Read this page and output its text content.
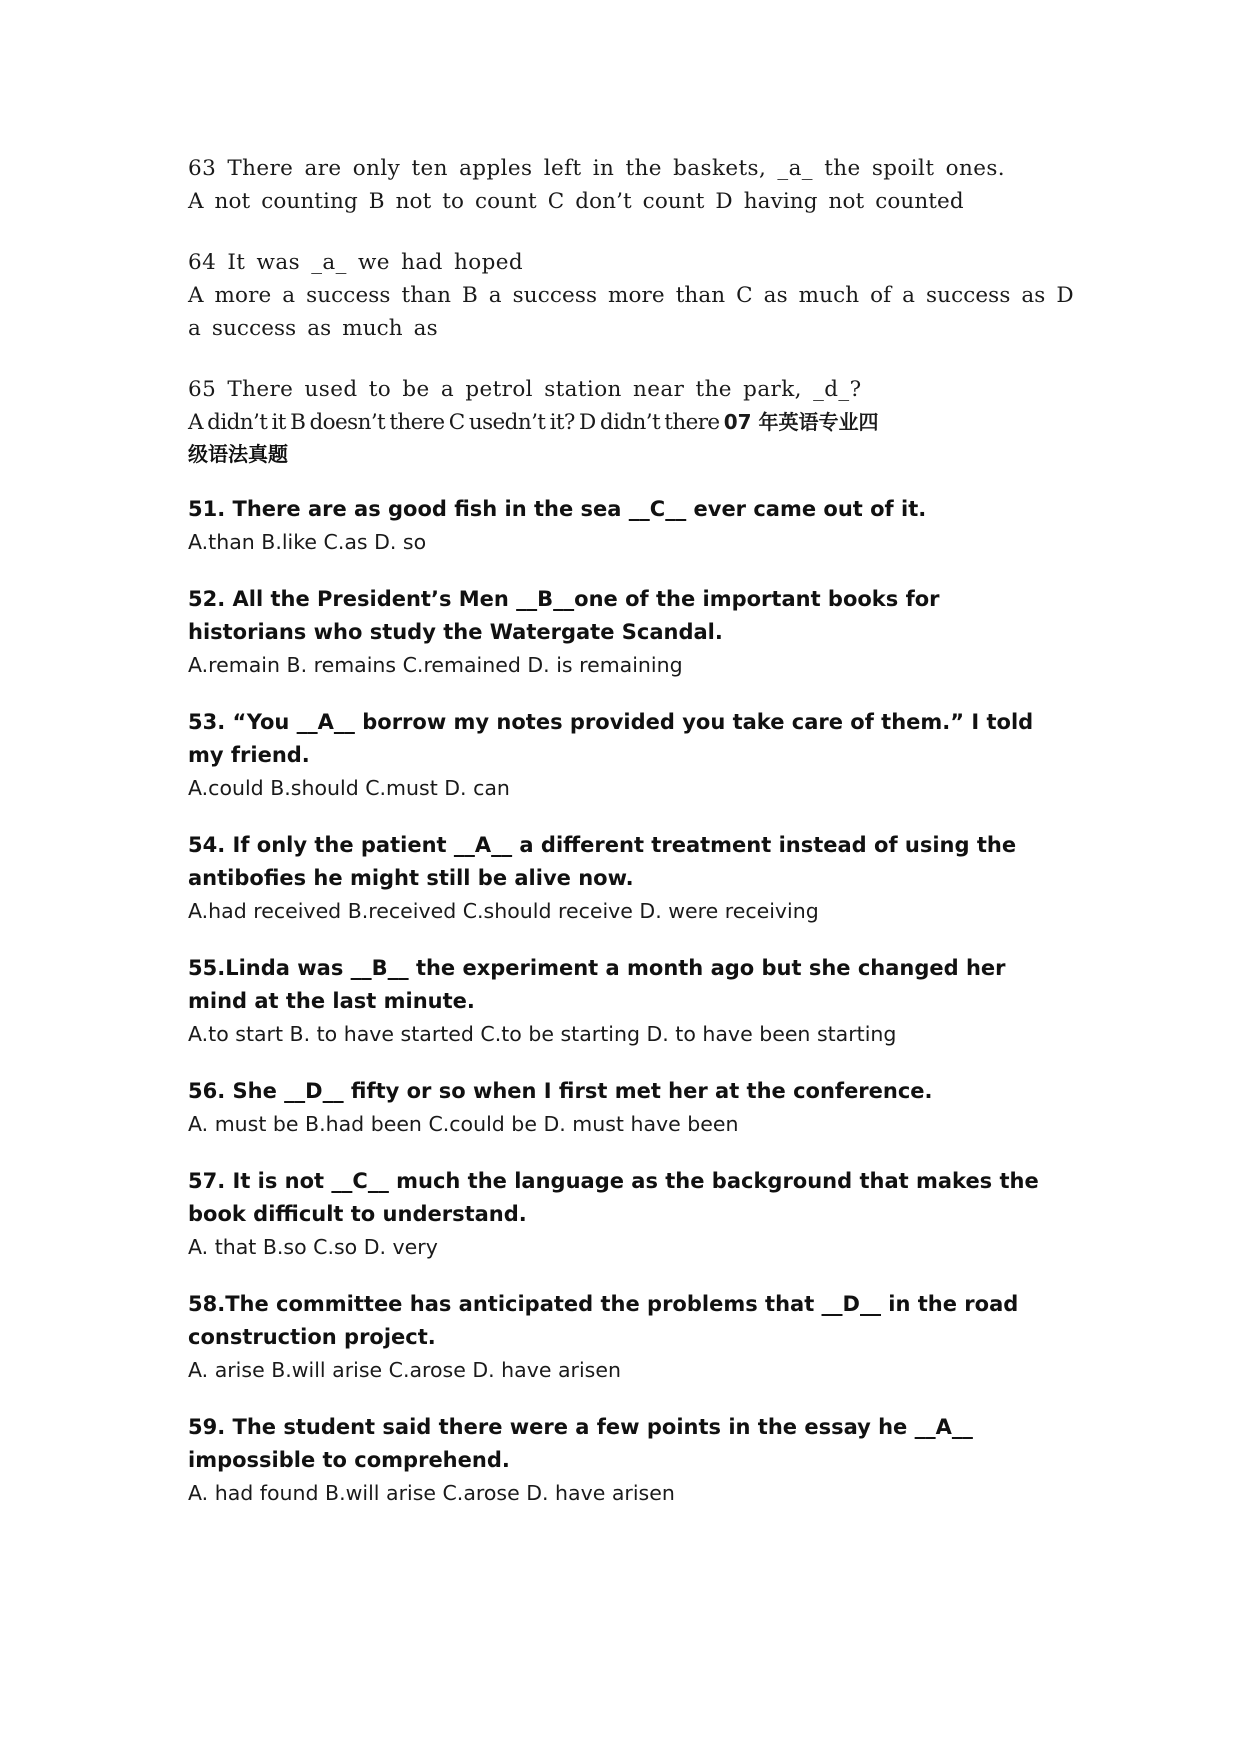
63 There are only ten apples left in the baskets, _a_ the spoilt ones.

A not counting B not to count C don’t count D having not counted

64 It was _a_ we had hoped

A more a success than B a success more than C as much of a success as D

a success as much as

65 There used to be a petrol station near the park, _d_?

A didn’t it B doesn’t there C usedn’t it? D didn’t there 07 年英语专业四

级语法真题

51. There are as good fish in the sea __C__ ever came out of it.

A.than B.like C.as D. so

52. All the President’s Men __B__one of the important books for historians who study the Watergate Scandal.

A.remain B. remains C.remained D. is remaining

53. “You __A__ borrow my notes provided you take care of them.” I told my friend.

A.could B.should C.must D. can

54. If only the patient __A__ a different treatment instead of using the antibofies he might still be alive now.

A.had received B.received C.should receive D. were receiving

55.Linda was __B__ the experiment a month ago but she changed her mind at the last minute.

A.to start B. to have started C.to be starting D. to have been starting

56. She __D__ fifty or so when I first met her at the conference.

A. must be B.had been C.could be D. must have been

57. It is not __C__ much the language as the background that makes the book difficult to understand.

A. that B.so C.so D. very

58.The committee has anticipated the problems that __D__ in the road construction project.

A. arise B.will arise C.arose D. have arisen

59. The student said there were a few points in the essay he __A__ impossible to comprehend.

A. had found B.will arise C.arose D. have arisen
